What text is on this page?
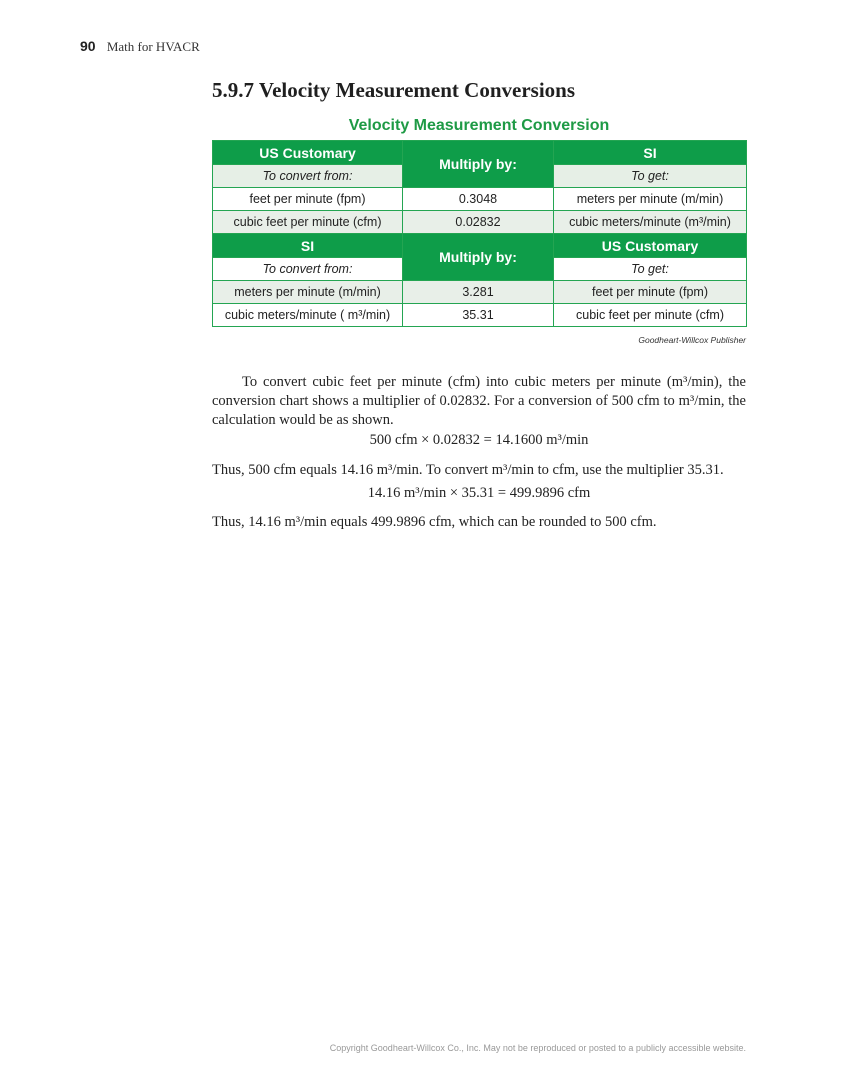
90 Math for HVACR
5.9.7 Velocity Measurement Conversions
Velocity Measurement Conversion
US Customary	Multiply by:	SI
To convert from:		To get:
feet per minute (fpm)	0.3048	meters per minute (m/min)
cubic feet per minute (cfm)	0.02832	cubic meters/minute (m³/min)
SI	Multiply by:	US Customary
To convert from:		To get:
meters per minute (m/min)	3.281	feet per minute (fpm)
cubic meters/minute ( m³/min)	35.31	cubic feet per minute (cfm)
Goodheart-Willcox Publisher
To convert cubic feet per minute (cfm) into cubic meters per minute (m³/min), the conversion chart shows a multiplier of 0.02832. For a conversion of 500 cfm to m³/min, the calculation would be as shown.
500 cfm × 0.02832 = 14.1600 m³/min
Thus, 500 cfm equals 14.16 m³/min. To convert m³/min to cfm, use the multiplier 35.31.
14.16 m³/min × 35.31 = 499.9896 cfm
Thus, 14.16 m³/min equals 499.9896 cfm, which can be rounded to 500 cfm.
Copyright Goodheart-Willcox Co., Inc. May not be reproduced or posted to a publicly accessible website.
